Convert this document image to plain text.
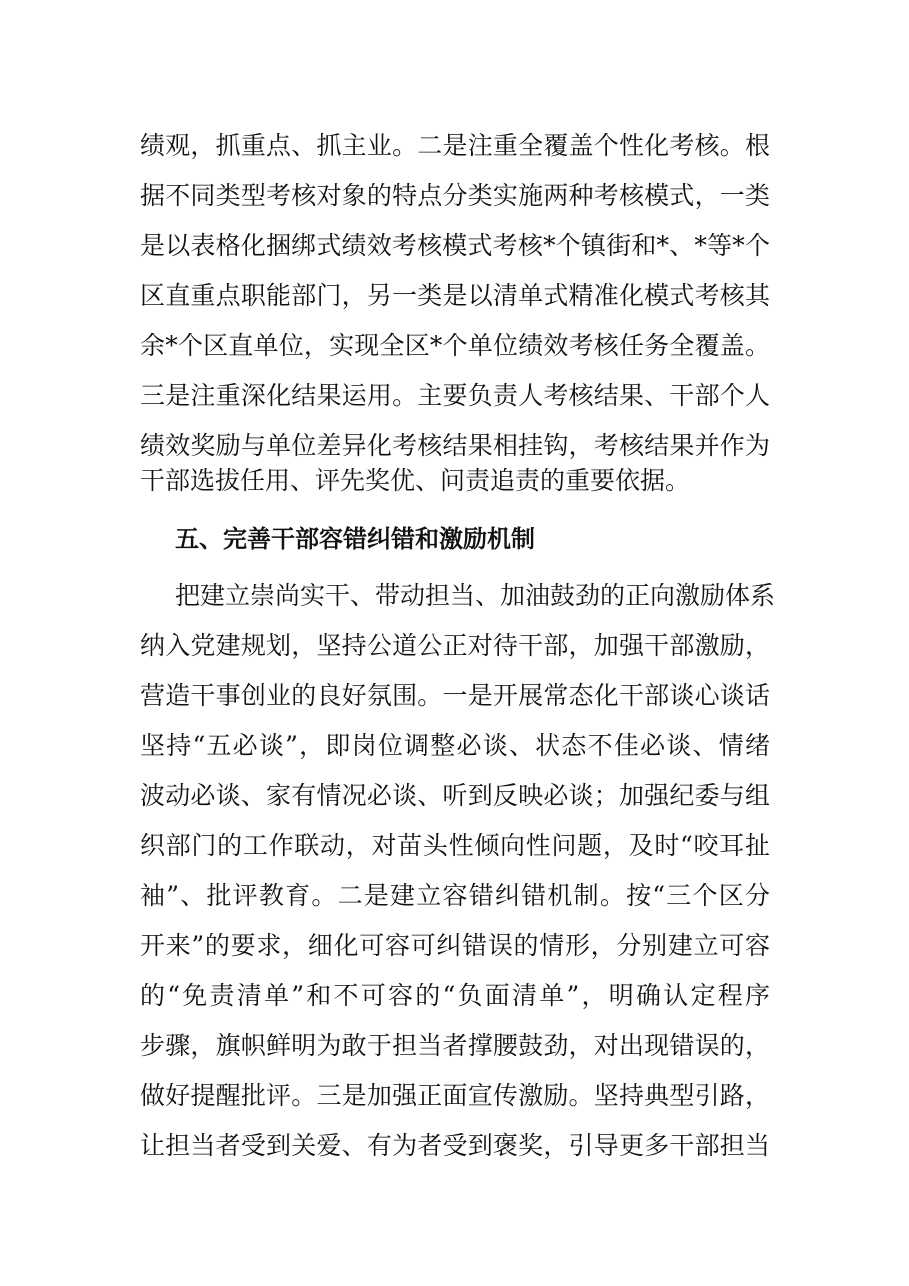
绩观，抓重点、抓主业。二是注重全覆盖个性化考核。根
据不同类型考核对象的特点分类实施两种考核模式，一类
是以表格化捆绑式绩效考核模式考核*个镇街和*、*等*个
区直重点职能部门，另一类是以清单式精准化模式考核其
余*个区直单位，实现全区*个单位绩效考核任务全覆盖。
三是注重深化结果运用。主要负责人考核结果、干部个人
绩效奖励与单位差异化考核结果相挂钩，考核结果并作为
干部选拔任用、评先奖优、问责追责的重要依据。
五、完善干部容错纠错和激励机制
把建立崇尚实干、带动担当、加油鼓劲的正向激励体系
纳入党建规划，坚持公道公正对待干部，加强干部激励，
营造干事创业的良好氛围。一是开展常态化干部谈心谈话
坚持“五必谈”，即岗位调整必谈、状态不佳必谈、情绪
波动必谈、家有情况必谈、听到反映必谈；加强纪委与组
织部门的工作联动，对苗头性倾向性问题，及时“咬耳扯
袖”、批评教育。二是建立容错纠错机制。按“三个区分
开来”的要求，细化可容可纠错误的情形，分别建立可容
的“免责清单”和不可容的“负面清单”，明确认定程序
步骤，旗帜鲜明为敢于担当者撑腰鼓劲，对出现错误的，
做好提醒批评。三是加强正面宣传激励。坚持典型引路，
让担当者受到关爱、有为者受到褒奖，引导更多干部担当
